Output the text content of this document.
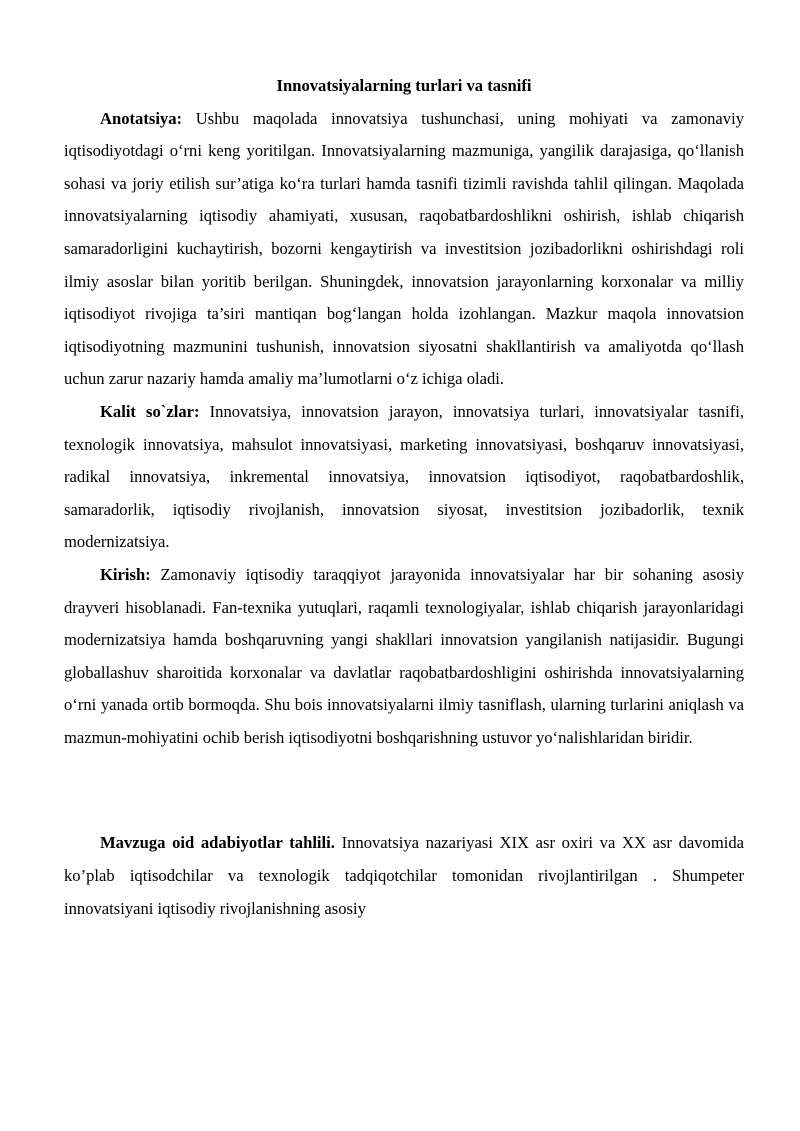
Innovatsiyalarning turlari va tasnifi

Anotatsiya: Ushbu maqolada innovatsiya tushunchasi, uning mohiyati va zamonaviy iqtisodiyotdagi oʻrni keng yoritilgan. Innovatsiyalarning mazmuniga, yangilik darajasiga, qoʻllanish sohasi va joriy etilish sur’atiga koʻra turlari hamda tasnifi tizimli ravishda tahlil qilingan. Maqolada innovatsiyalarning iqtisodiy ahamiyati, xususan, raqobatbardoshlikni oshirish, ishlab chiqarish samaradorligini kuchaytirish, bozorni kengaytirish va investitsion jozibadorlikni oshirishdagi roli ilmiy asoslar bilan yoritib berilgan. Shuningdek, innovatsion jarayonlarning korxonalar va milliy iqtisodiyot rivojiga ta’siri mantiqan bogʻlangan holda izohlangan. Mazkur maqola innovatsion iqtisodiyotning mazmunini tushunish, innovatsion siyosatni shakllantirish va amaliyotda qoʻllash uchun zarur nazariy hamda amaliy ma’lumotlarni oʻz ichiga oladi.

Kalit so`zlar: Innovatsiya, innovatsion jarayon, innovatsiya turlari, innovatsiyalar tasnifi, texnologik innovatsiya, mahsulot innovatsiyasi, marketing innovatsiyasi, boshqaruv innovatsiyasi, radikal innovatsiya, inkremental innovatsiya, innovatsion iqtisodiyot, raqobatbardoshlik, samaradorlik, iqtisodiy rivojlanish, innovatsion siyosat, investitsion jozibadorlik, texnik modernizatsiya.

Kirish: Zamonaviy iqtisodiy taraqqiyot jarayonida innovatsiyalar har bir sohaning asosiy drayveri hisoblanadi. Fan-texnika yutuqlari, raqamli texnologiyalar, ishlab chiqarish jarayonlaridagi modernizatsiya hamda boshqaruvning yangi shakllari innovatsion yangilanish natijasidir. Bugungi globallashuv sharoitida korxonalar va davlatlar raqobatbardoshligini oshirishda innovatsiyalarning oʻrni yanada ortib bormoqda. Shu bois innovatsiyalarni ilmiy tasniflash, ularning turlarini aniqlash va mazmun-mohiyatini ochib berish iqtisodiyotni boshqarishning ustuvor yoʻnalishlaridan biridir.

Mavzuga oid adabiyotlar tahlili. Innovatsiya nazariyasi XIX asr oxiri va XX asr davomida ko’plab iqtisodchilar va texnologik tadqiqotchilar tomonidan rivojlantirilgan . Shumpeter innovatsiyani iqtisodiy rivojlanishning asosiy
